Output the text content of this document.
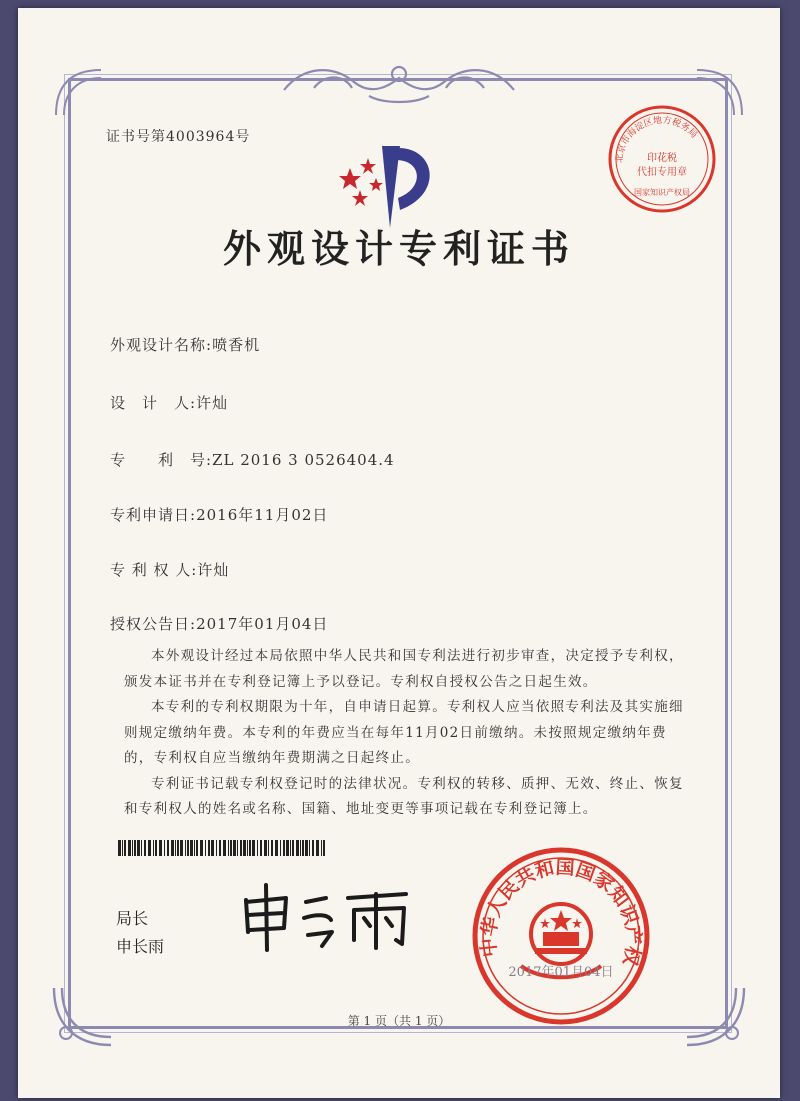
证书号第4003964号
北京市海淀区地方税务局
印花税
代扣专用章
国家知识产权局
外观设计专利证书
外观设计名称:喷香机
设　计　人:许灿
专　　利　号:ZL 2016 3 0526404.4
专利申请日:2016年11月02日
专 利 权 人:许灿
授权公告日:2017年01月04日

本外观设计经过本局依照中华人民共和国专利法进行初步审查，决定授予专利权，颁发本证书并在专利登记簿上予以登记。专利权自授权公告之日起生效。

本专利的专利权期限为十年，自申请日起算。专利权人应当依照专利法及其实施细则规定缴纳年费。本专利的年费应当在每年11月02日前缴纳。未按照规定缴纳年费的，专利权自应当缴纳年费期满之日起终止。

专利证书记载专利权登记时的法律状况。专利权的转移、质押、无效、终止、恢复和专利权人的姓名或名称、国籍、地址变更等事项记载在专利登记簿上。

局长
申长雨	中华人民共和国国家知识产权
2017年01月04日
第 1 页（共 1 页）
